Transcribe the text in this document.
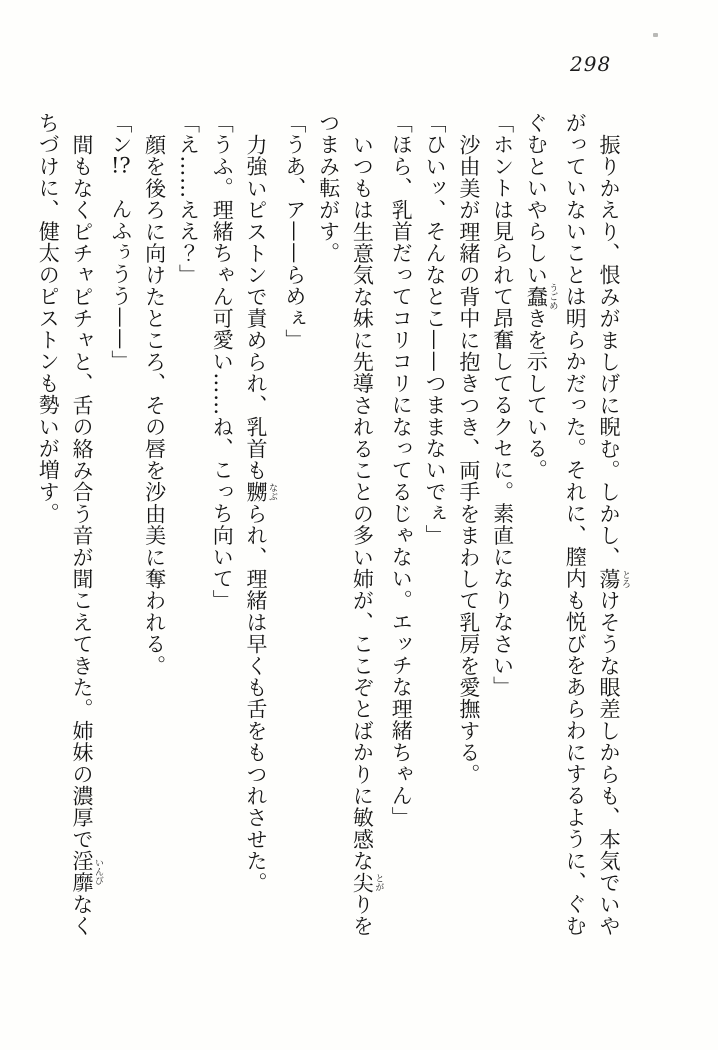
298

振りかえり、恨みがましげに睨む。しかし、蕩 とろけそうな眼差しからも、本気でいや

がっていないことは明らかだった。それに、膣内も悦びをあらわにするように、ぐむ

ぐむといやらしい蠢 うごめきを示している。

「ホントは見られて昂奮してるクセに。素直になりなさい」

沙由美が理緒の背中に抱きつき、両手をまわして乳房を愛撫する。

「ひいッ、そんなとこ——つままないでぇ」

「ほら、乳首だってコリコリになってるじゃない。エッチな理緒ちゃん」

いつもは生意気な妹に先導されることの多い姉が、ここぞとばかりに敏感な尖 とがりを

つまみ転がす。

「うあ、ア——らめぇ」

力強いピストンで責められ、乳首も嬲 なぶられ、理緒は早くも舌をもつれさせた。

「うふ。理緒ちゃん可愛い……ね、こっち向いて」

「え……ええ？」

顔を後ろに向けたところ、その唇を沙由美に奪われる。

「ン!?　んふぅうう——」

間もなくピチャピチャと、舌の絡み合う音が聞こえてきた。姉妹の濃厚で淫靡 いんびなく

ちづけに、健太のピストンも勢いが増す。
